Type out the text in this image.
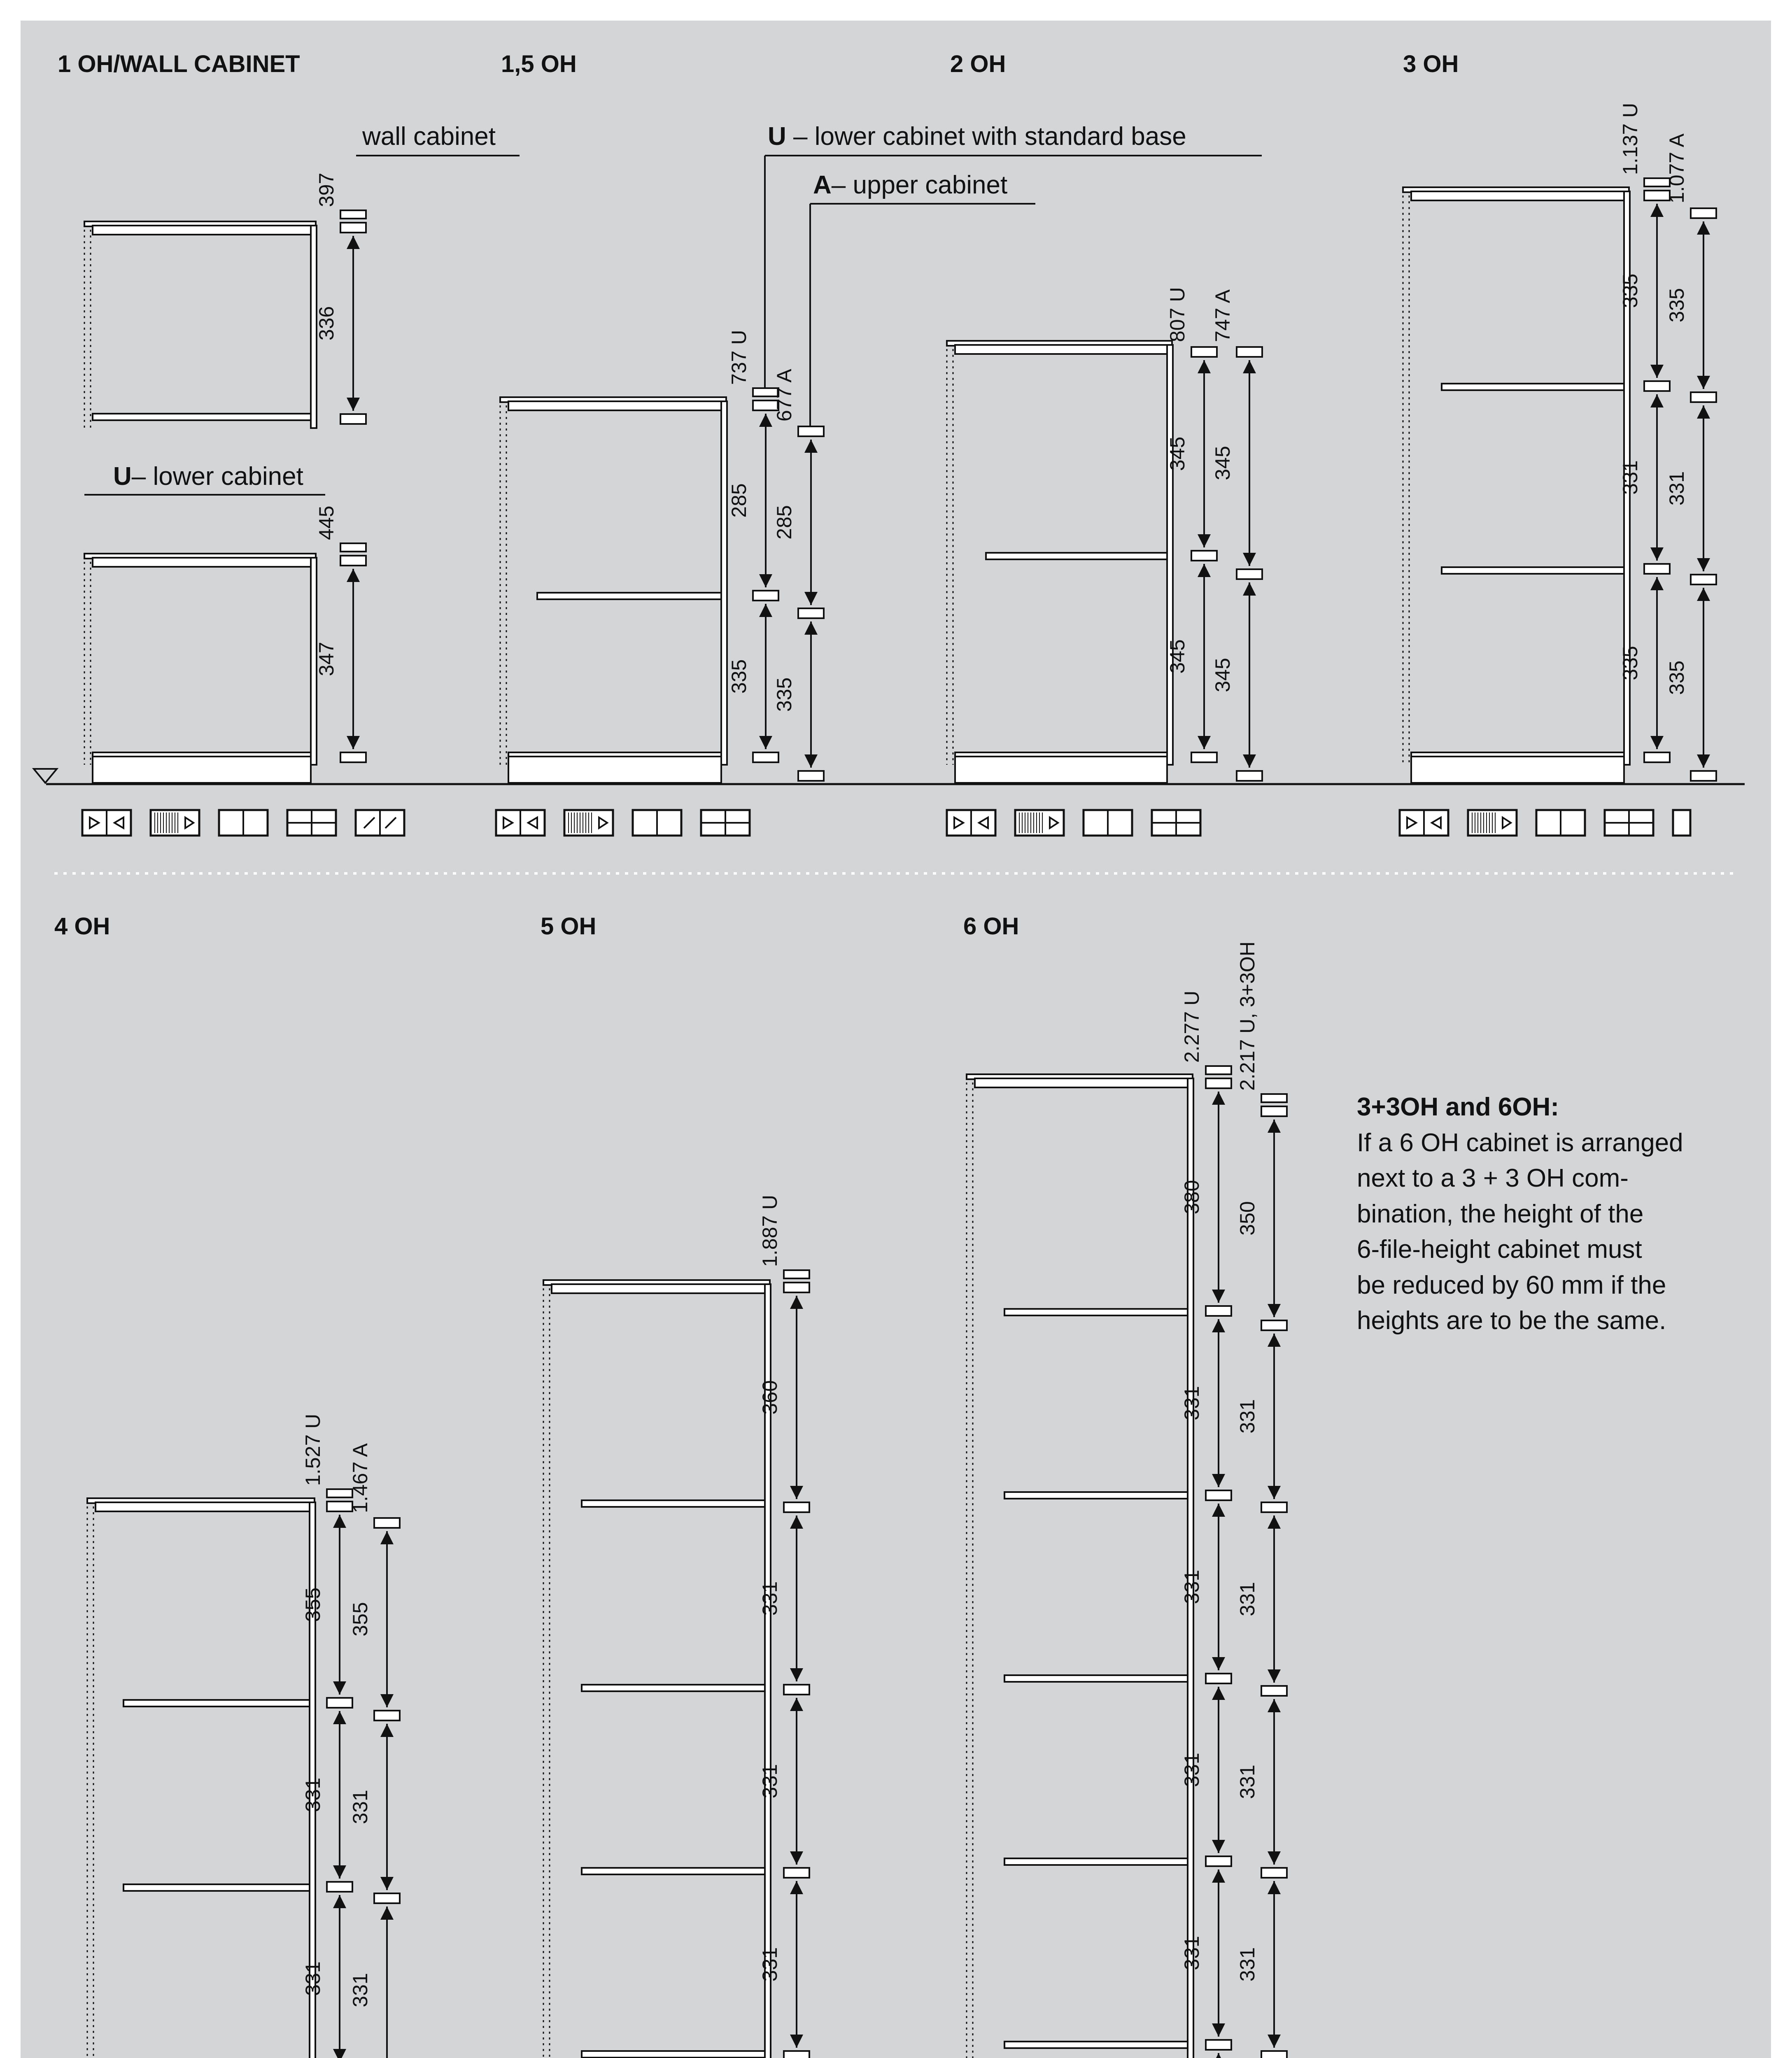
1 OH/WALL CABINET	1,5 OH	2 OH	3 OH
4 OH	5 OH	6 OH
wall cabinet
U– lower cabinet
U – lower cabinet with standard base
A– upper cabinet
3+3OH and 6OH:
If a 6 OH cabinet is arranged
next to a 3 + 3 OH com-
bination, the height of the
6-file-height cabinet must
be reduced by 60 mm if the
heights are to be the same.
397
336
445
347
737 U
285
335
677 A
285
335
807 U
345
345
747 A
345
345
1.137 U
335
331
335
1.077 A
335
331
335
1.527 U
355
331
331
1.467 A
355
331
331
1.887 U
360
331
331
331
2.277 U
380
331
331
331
331
2.217 U, 3+3OH
350
331
331
331
331
